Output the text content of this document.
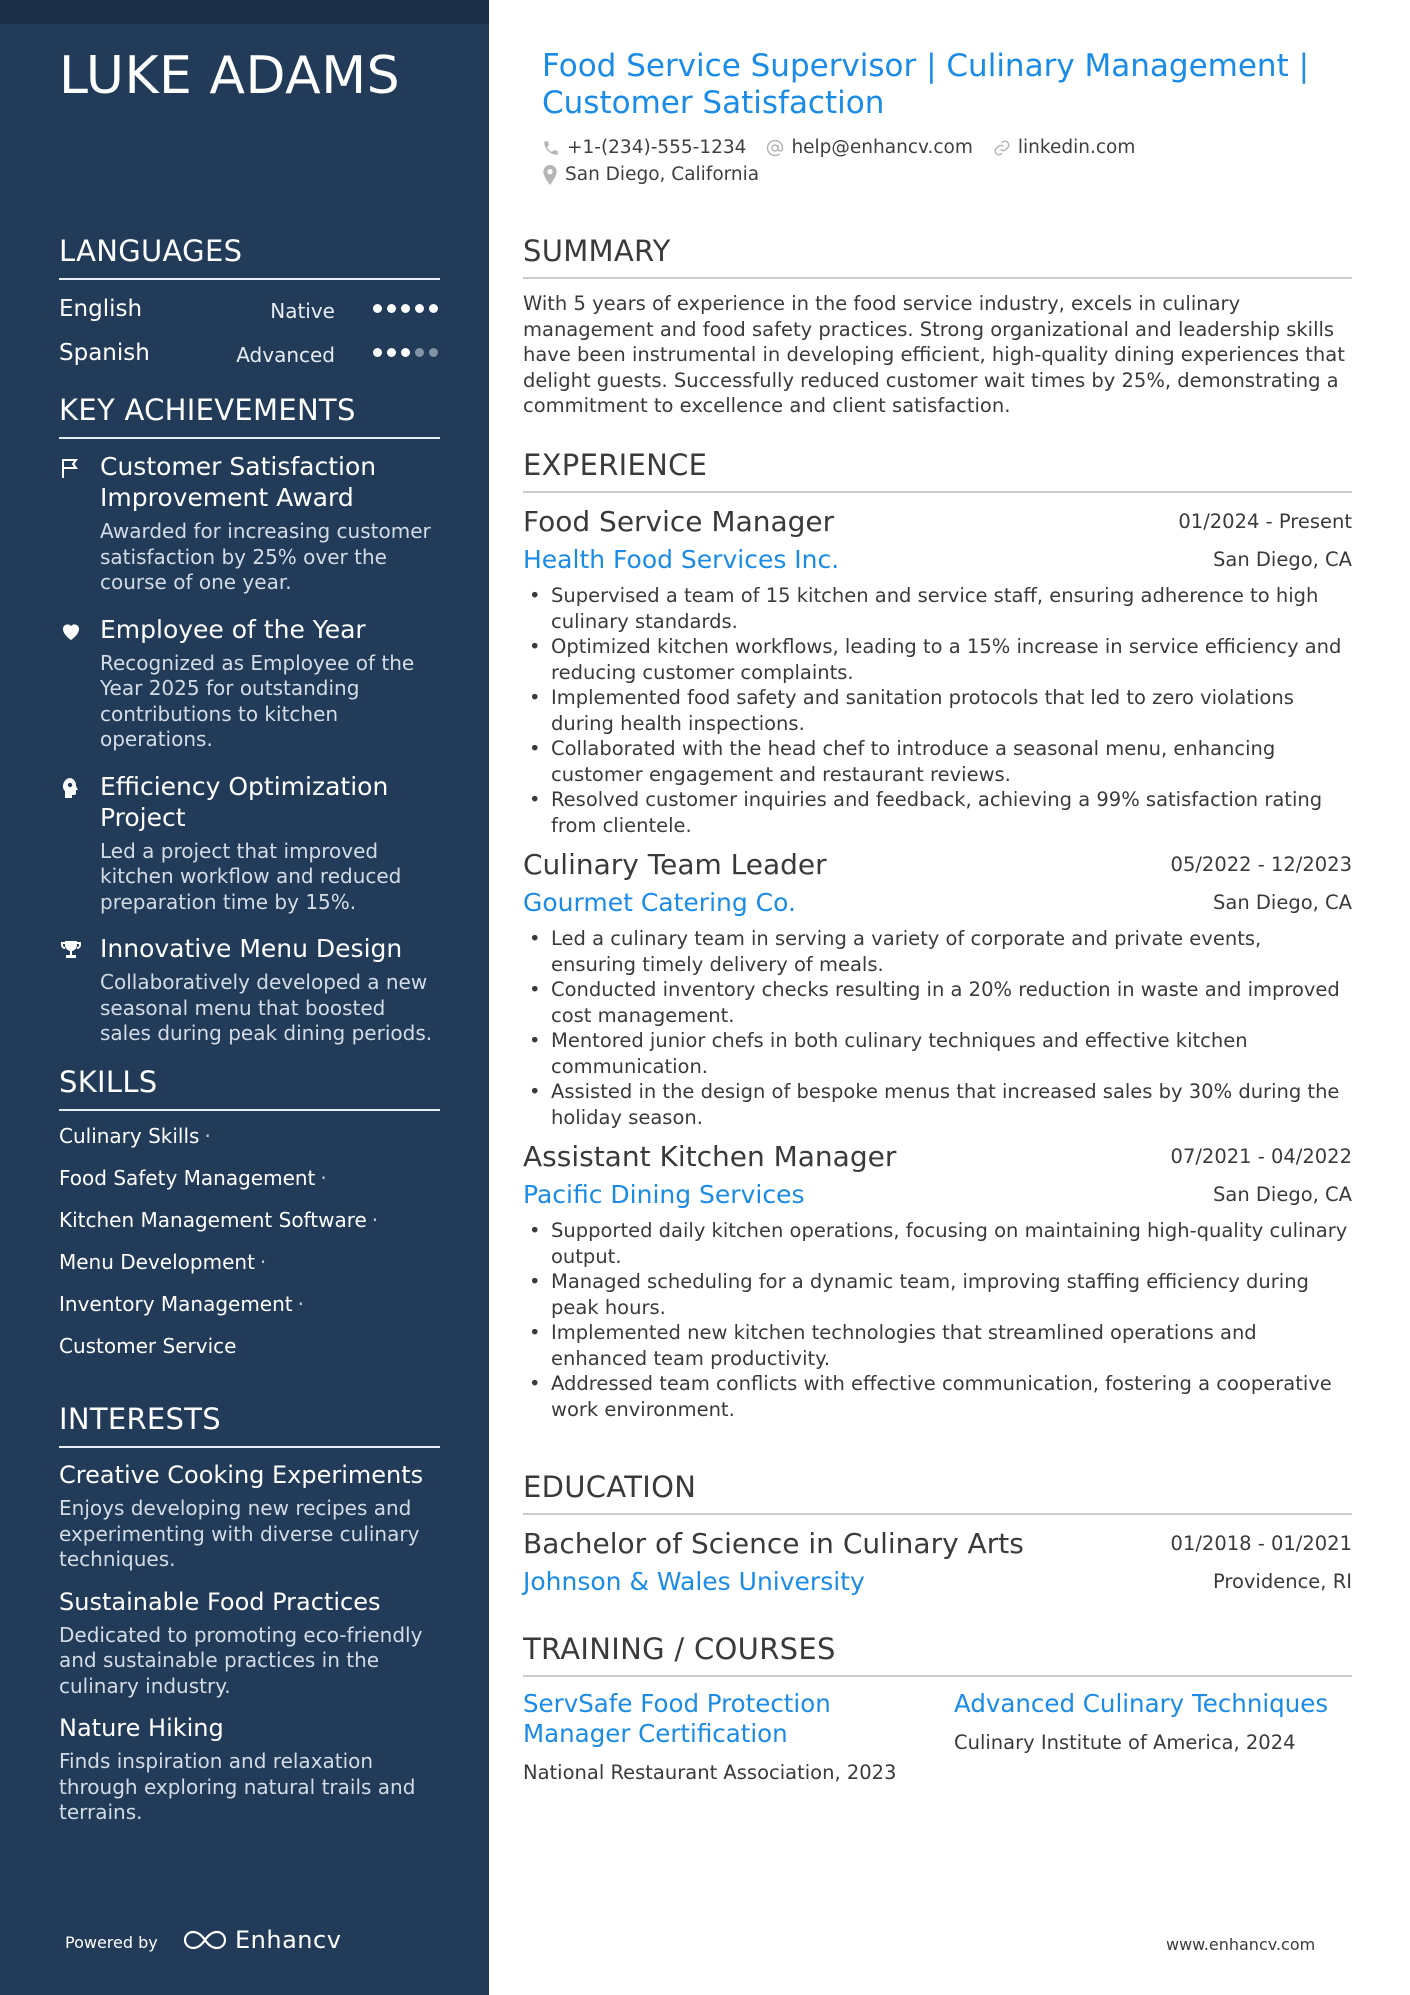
LUKE ADAMS
LANGUAGES
English	Native
Spanish	Advanced
KEY ACHIEVEMENTS
Customer Satisfaction Improvement Award
Awarded for increasing customer satisfaction by 25% over the course of one year.
Employee of the Year
Recognized as Employee of the Year 2025 for outstanding contributions to kitchen operations.
Efficiency Optimization Project
Led a project that improved kitchen workflow and reduced preparation time by 15%.
Innovative Menu Design
Collaboratively developed a new seasonal menu that boosted sales during peak dining periods.
SKILLS
Culinary Skills ·
Food Safety Management ·
Kitchen Management Software ·
Menu Development ·
Inventory Management ·
Customer Service
INTERESTS
Creative Cooking Experiments
Enjoys developing new recipes and experimenting with diverse culinary techniques.
Sustainable Food Practices
Dedicated to promoting eco-friendly and sustainable practices in the culinary industry.
Nature Hiking
Finds inspiration and relaxation through exploring natural trails and terrains.
Powered by	Enhancv
Food Service Supervisor | Culinary Management | Customer Satisfaction
+1-(234)-555-1234 help@enhancv.com linkedin.com
San Diego, California
SUMMARY

With 5 years of experience in the food service industry, excels in culinary management and food safety practices. Strong organizational and leadership skills have been instrumental in developing efficient, high-quality dining experiences that delight guests. Successfully reduced customer wait times by 25%, demonstrating a commitment to excellence and client satisfaction.

EXPERIENCE
Food Service Manager	01/2024 - Present
Health Food Services Inc.	San Diego, CA
• Supervised a team of 15 kitchen and service staff, ensuring adherence to high culinary standards.
• Optimized kitchen workflows, leading to a 15% increase in service efficiency and reducing customer complaints.
• Implemented food safety and sanitation protocols that led to zero violations during health inspections.
• Collaborated with the head chef to introduce a seasonal menu, enhancing customer engagement and restaurant reviews.
• Resolved customer inquiries and feedback, achieving a 99% satisfaction rating from clientele.
Culinary Team Leader	05/2022 - 12/2023
Gourmet Catering Co.	San Diego, CA
• Led a culinary team in serving a variety of corporate and private events, ensuring timely delivery of meals.
• Conducted inventory checks resulting in a 20% reduction in waste and improved cost management.
• Mentored junior chefs in both culinary techniques and effective kitchen communication.
• Assisted in the design of bespoke menus that increased sales by 30% during the holiday season.
Assistant Kitchen Manager	07/2021 - 04/2022
Pacific Dining Services	San Diego, CA
• Supported daily kitchen operations, focusing on maintaining high-quality culinary output.
• Managed scheduling for a dynamic team, improving staffing efficiency during peak hours.
• Implemented new kitchen technologies that streamlined operations and enhanced team productivity.
• Addressed team conflicts with effective communication, fostering a cooperative work environment.
EDUCATION
Bachelor of Science in Culinary Arts	01/2018 - 01/2021
Johnson & Wales University	Providence, RI
TRAINING / COURSES
ServSafe Food Protection Manager Certification
National Restaurant Association, 2023
Advanced Culinary Techniques
Culinary Institute of America, 2024
www.enhancv.com
